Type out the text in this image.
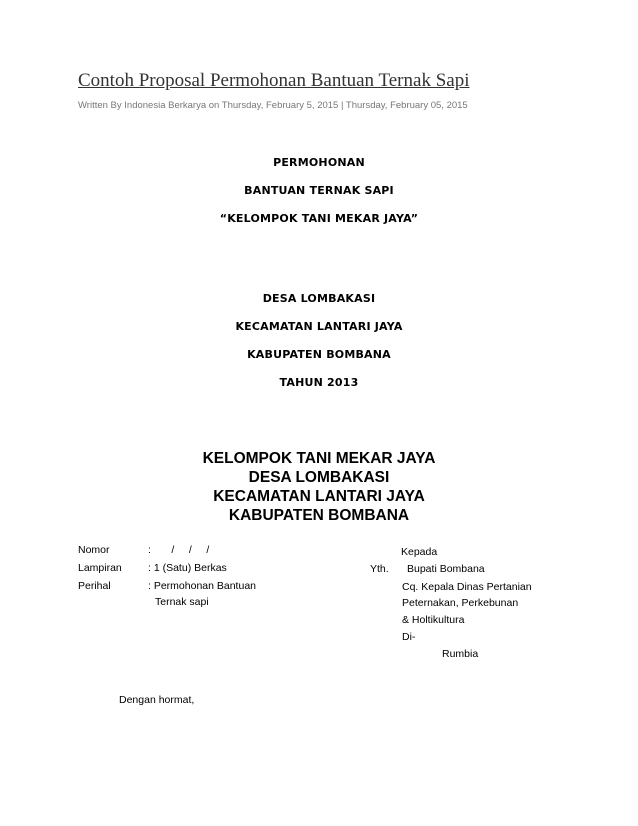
Contoh Proposal Permohonan Bantuan Ternak Sapi
Written By Indonesia Berkarya on Thursday, February 5, 2015 | Thursday, February 05, 2015
PERMOHONAN
BANTUAN TERNAK SAPI
“KELOMPOK TANI MEKAR JAYA”
DESA LOMBAKASI
KECAMATAN LANTARI JAYA
KABUPATEN BOMBANA
TAHUN 2013
KELOMPOK TANI MEKAR JAYA
DESA LOMBAKASI
KECAMATAN LANTARI JAYA
KABUPATEN BOMBANA
Nomor	:       /     /     /
Lampiran : 1 (Satu) Berkas
Perihal	: Permohonan Bantuan
Ternak sapi
Kepada
Yth. Bupati Bombana
Cq. Kepala Dinas Pertanian
Peternakan, Perkebunan
& Holtikultura
Di-
Rumbia
Dengan hormat,
